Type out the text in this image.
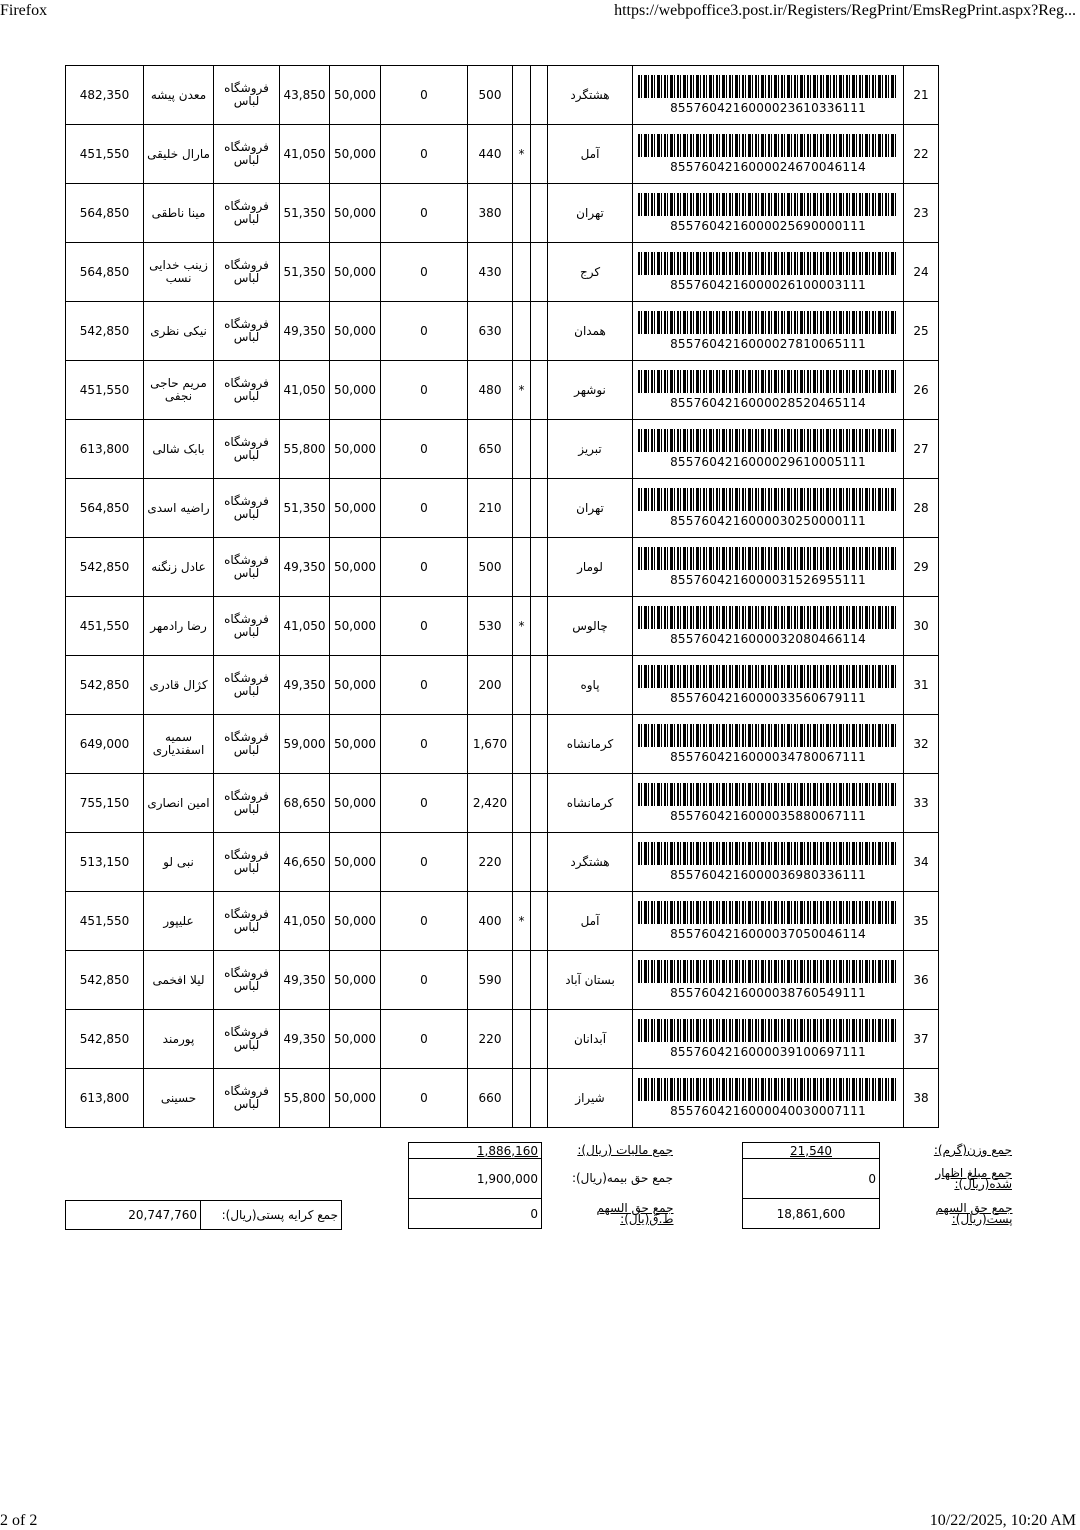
Firefox	https://webpoffice3.post.ir/Registers/RegPrint/EmsRegPrint.aspx?Reg...
482,350	معدن پیشه	فروشگاه لباس	43,850	50,000	0	500			هشتگرد	8557604216000023610336111	21
451,550	مارال خلیقی	فروشگاه لباس	41,050	50,000	0	440	*		آمل	8557604216000024670046114	22
564,850	مینا ناطقی	فروشگاه لباس	51,350	50,000	0	380			تهران	8557604216000025690000111	23
564,850	زینب خدایی نسب	فروشگاه لباس	51,350	50,000	0	430			کرج	8557604216000026100003111	24
542,850	نیکی نظری	فروشگاه لباس	49,350	50,000	0	630			همدان	8557604216000027810065111	25
451,550	مریم حاجی نجفی	فروشگاه لباس	41,050	50,000	0	480	*		نوشهر	8557604216000028520465114	26
613,800	بابک شالی	فروشگاه لباس	55,800	50,000	0	650			تبریز	8557604216000029610005111	27
564,850	راضیه اسدی	فروشگاه لباس	51,350	50,000	0	210			تهران	8557604216000030250000111	28
542,850	عادل زنگنه	فروشگاه لباس	49,350	50,000	0	500			لومار	8557604216000031526955111	29
451,550	رضا رادمهر	فروشگاه لباس	41,050	50,000	0	530	*		چالوس	8557604216000032080466114	30
542,850	کژال قادری	فروشگاه لباس	49,350	50,000	0	200			پاوه	8557604216000033560679111	31
649,000	سمیه اسفندیاری	فروشگاه لباس	59,000	50,000	0	1,670			کرمانشاه	8557604216000034780067111	32
755,150	امین انصاری	فروشگاه لباس	68,650	50,000	0	2,420			کرمانشاه	8557604216000035880067111	33
513,150	نبی لو	فروشگاه لباس	46,650	50,000	0	220			هشتگرد	8557604216000036980336111	34
451,550	علیپور	فروشگاه لباس	41,050	50,000	0	400	*		آمل	8557604216000037050046114	35
542,850	لیلا افخمی	فروشگاه لباس	49,350	50,000	0	590			بستان آباد	8557604216000038760549111	36
542,850	پورمند	فروشگاه لباس	49,350	50,000	0	220			آبدانان	8557604216000039100697111	37
613,800	حسینی	فروشگاه لباس	55,800	50,000	0	660			شیراز	8557604216000040030007111	38
20,747,760	جمع کرایه پستی(ریال):
1,886,160	جمع مالیات (ریال):
1,900,000	جمع حق بیمه(ریال):
0	جمع حق السهم ط.ق(یال):
21,540	جمع وزن(گرم):
0	جمع مبلغ اظهار شده(ریال):
18,861,600	جمع حق السهم پست(ریال):
2 of 2	10/22/2025, 10:20 AM
